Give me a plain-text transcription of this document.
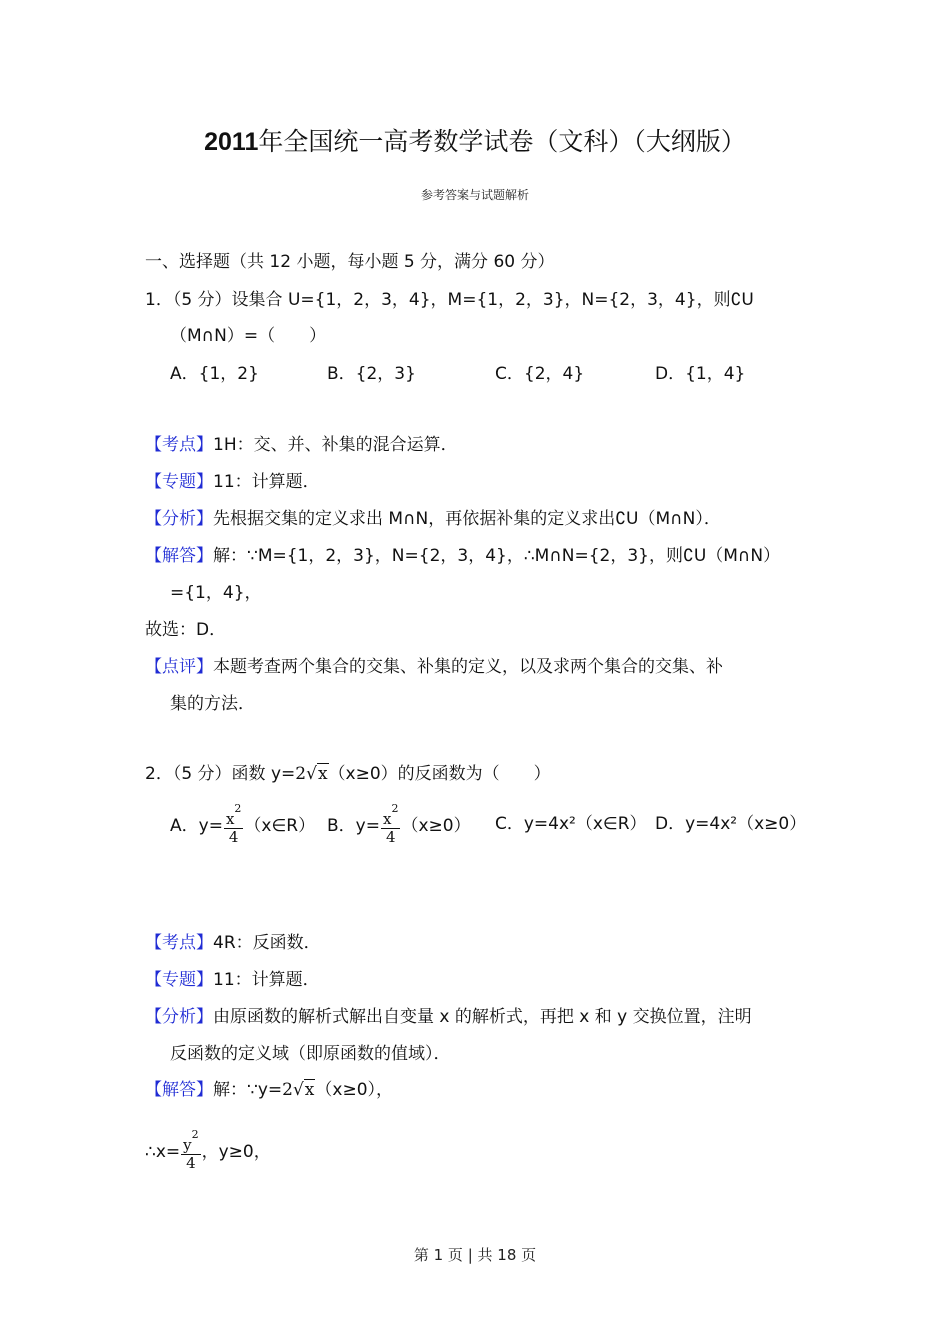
2011年全国统一高考数学试卷（文科）（大纲版）
参考答案与试题解析
一、选择题（共 12 小题，每小题 5 分，满分 60 分）
1．（5 分）设集合 U={1，2，3，4}，M={1，2，3}，N={2，3，4}，则∁U
（M∩N）=（　　）
A．{1，2}	B．{2，3}	C．{2，4}	D．{1，4}
【考点】1H：交、并、补集的混合运算．
【专题】11：计算题．
【分析】先根据交集的定义求出 M∩N，再依据补集的定义求出∁U（M∩N）．
【解答】解：∵M={1，2，3}，N={2，3，4}，∴M∩N={2，3}，则∁U（M∩N）
={1，4}，
故选：D．
【点评】本题考查两个集合的交集、补集的定义，以及求两个集合的交集、补
集的方法．
2．（5 分）函数 y=2√x（x≥0）的反函数为（　　）
A．$y= \frac{x^2}{4}$ （x∈R） B．$y= \frac{x^2}{4} (x\ge 0)$ C．y=4x²（x∈R） D．y=4x²（x≥0）
【考点】4R：反函数．
【专题】11：计算题．
【分析】由原函数的解析式解出自变量 x 的解析式，再把 x 和 y 交换位置，注明
反函数的定义域（即原函数的值域）．
【解答】解：∵y=2√x（x≥0），
∴x= $\frac{y^2}{4}$ ，y≥0，
第 1 页 | 共 18 页
